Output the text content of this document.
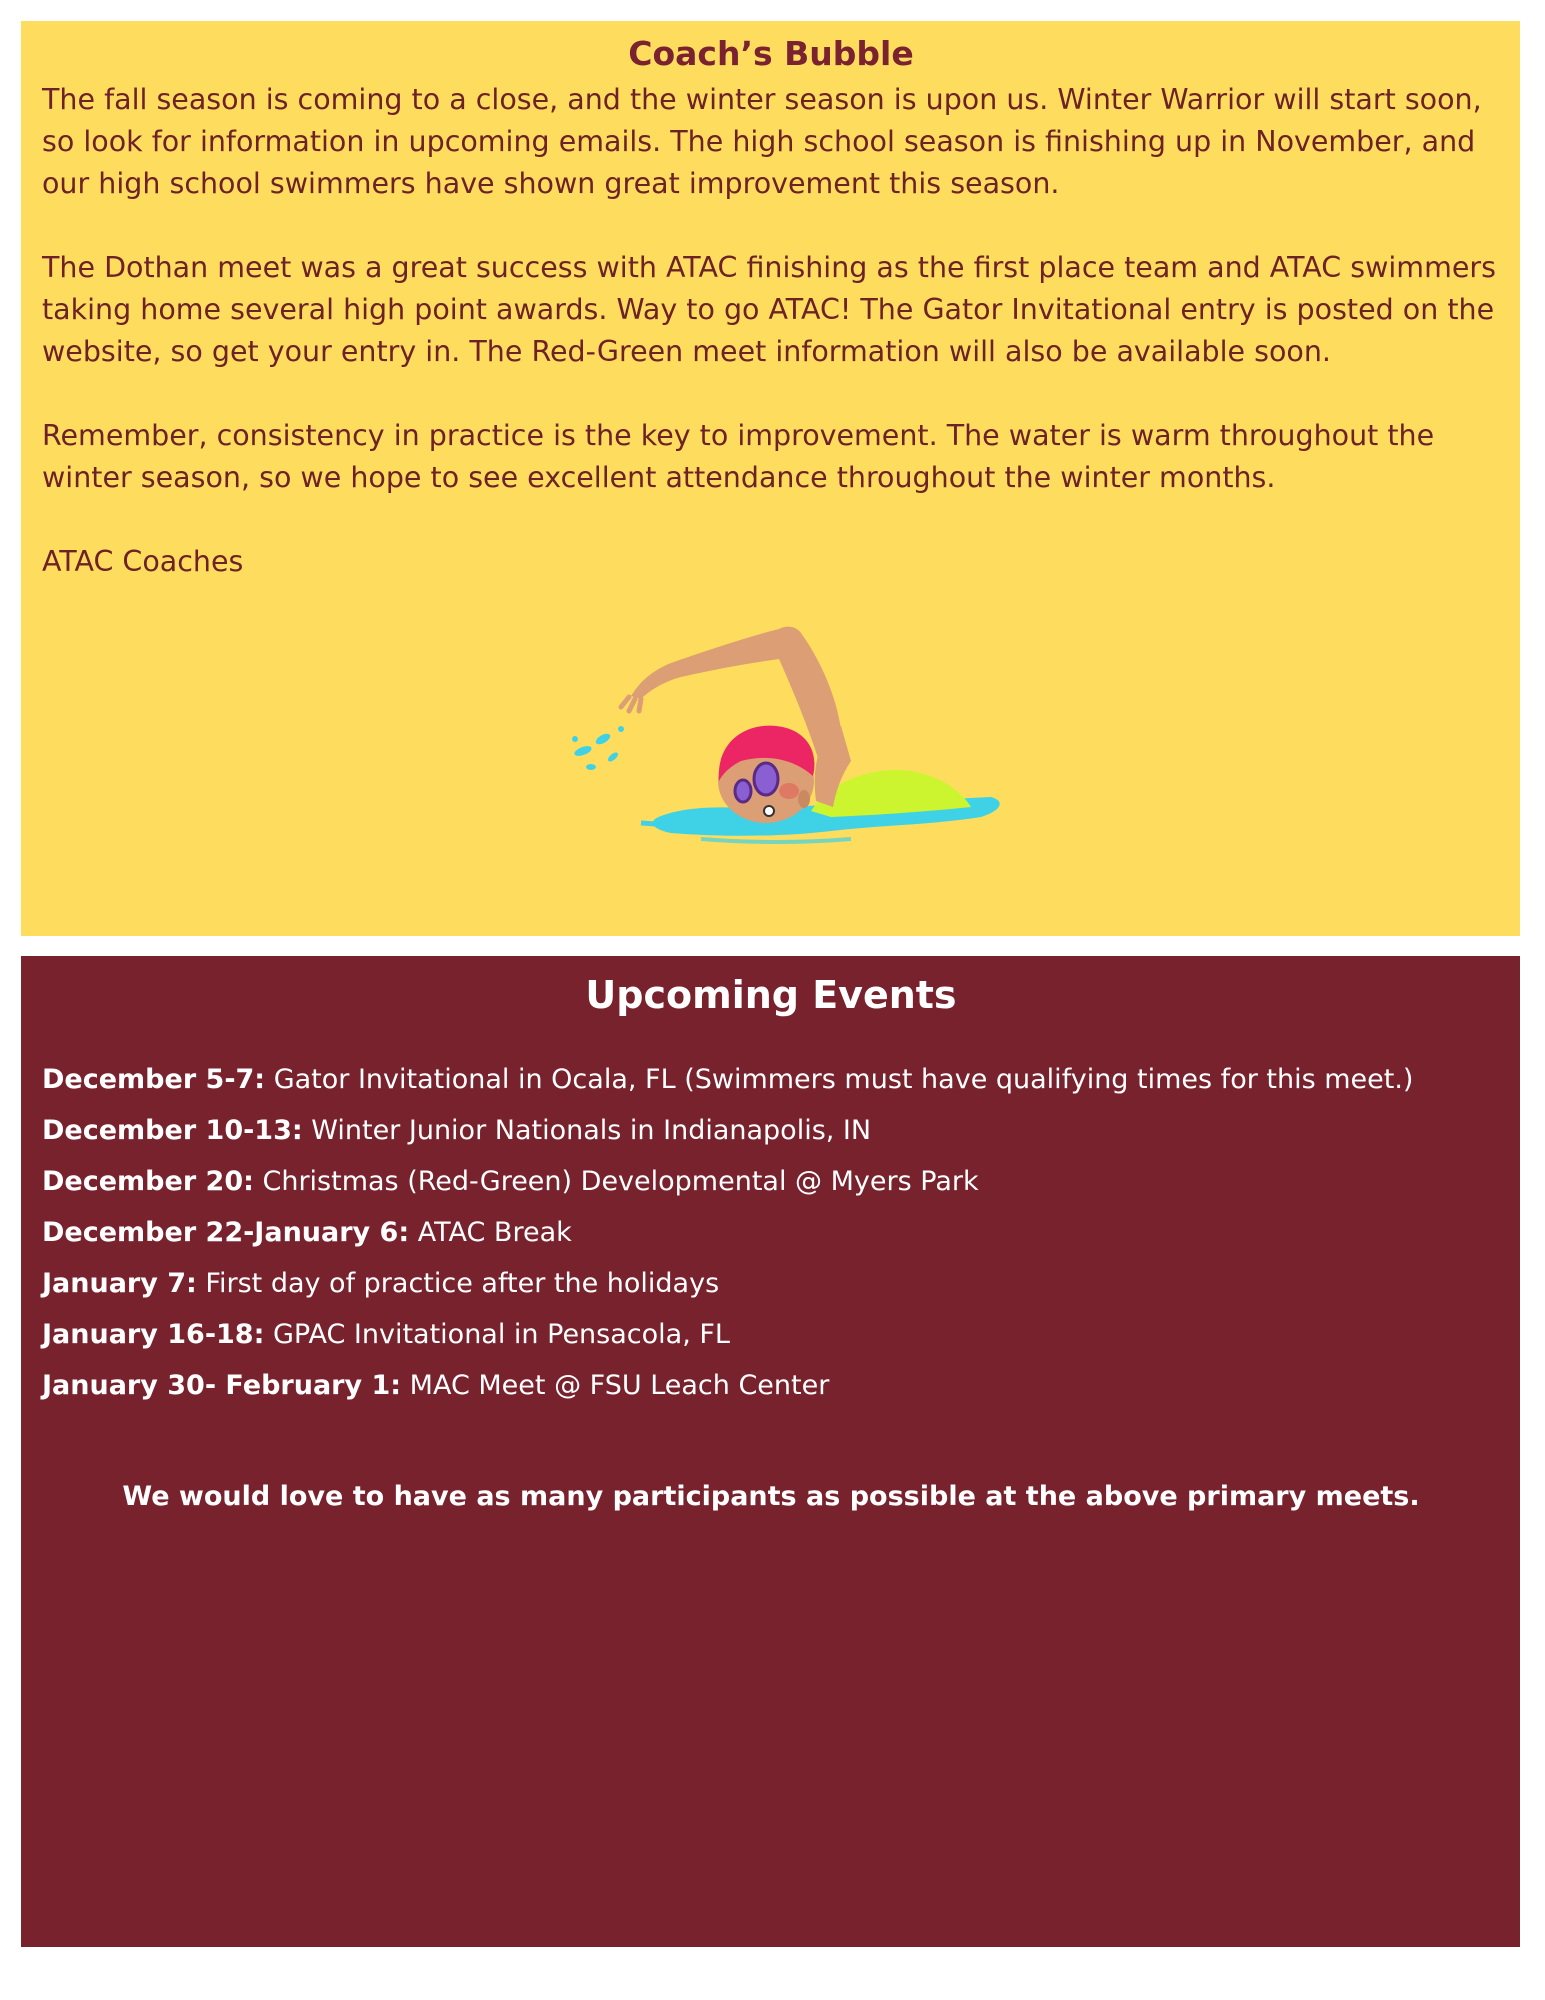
Coach’s Bubble

The fall season is coming to a close, and the winter season is upon us. Winter Warrior will start soon, so look for information in upcoming emails. The high school season is finishing up in November, and our high school swimmers have shown great improvement this season.

The Dothan meet was a great success with ATAC finishing as the first place team and ATAC swimmers taking home several high point awards. Way to go ATAC! The Gator Invitational entry is posted on the website, so get your entry in. The Red-Green meet information will also be available soon.

Remember, consistency in practice is the key to improvement. The water is warm throughout the winter season, so we hope to see excellent attendance throughout the winter months.

ATAC Coaches

Upcoming Events
December 5-7: Gator Invitational in Ocala, FL (Swimmers must have qualifying times for this meet.)
December 10-13: Winter Junior Nationals in Indianapolis, IN
December 20: Christmas (Red-Green) Developmental @ Myers Park
December 22-January 6: ATAC Break
January 7: First day of practice after the holidays
January 16-18: GPAC Invitational in Pensacola, FL
January 30- February 1: MAC Meet @ FSU Leach Center

We would love to have as many participants as possible at the above primary meets.
